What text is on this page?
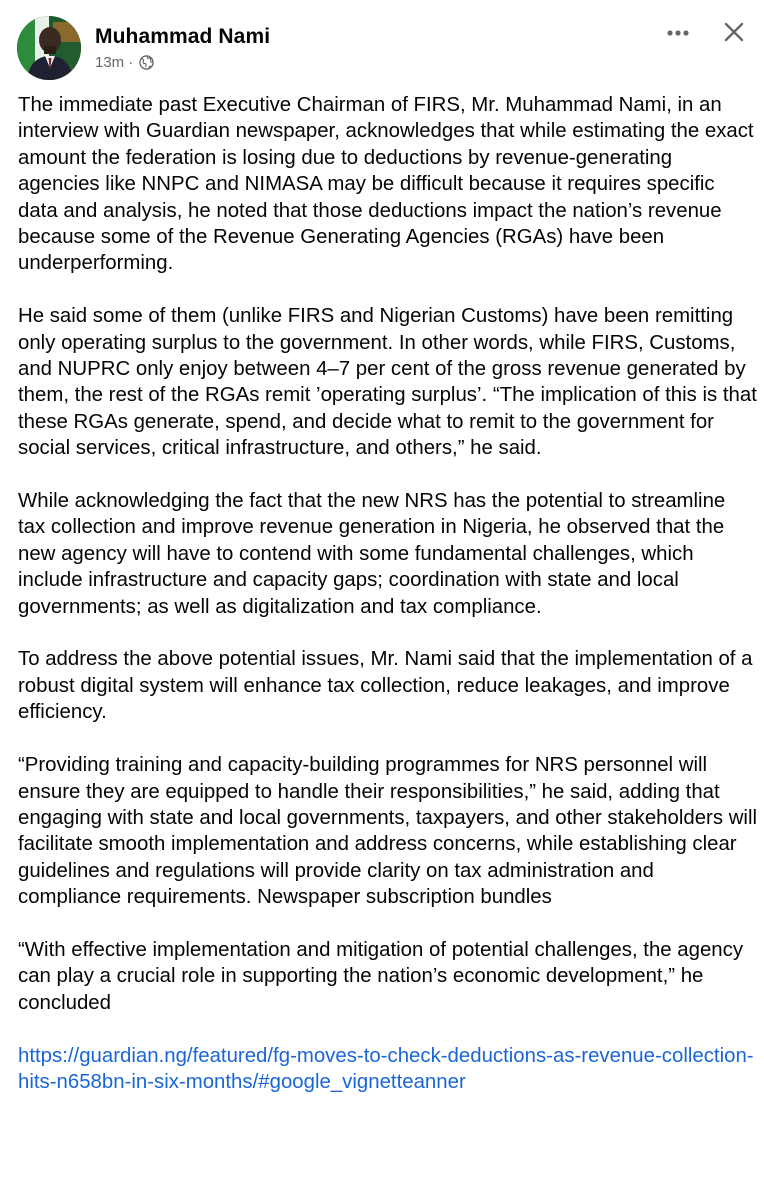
Muhammad Nami
13m ·

The immediate past Executive Chairman of FIRS, Mr. Muhammad Nami, in an interview with Guardian newspaper, acknowledges that while estimating the exact amount the federation is losing due to deductions by revenue-generating agencies like NNPC and NIMASA may be difficult because it requires specific data and analysis, he noted that those deductions impact the nation’s revenue because some of the Revenue Generating Agencies (RGAs) have been underperforming.

He said some of them (unlike FIRS and Nigerian Customs) have been remitting only operating surplus to the government. In other words, while FIRS, Customs, and NUPRC only enjoy between 4–7 per cent of the gross revenue generated by them, the rest of the RGAs remit ’operating surplus’. “The implication of this is that these RGAs generate, spend, and decide what to remit to the government for social services, critical infrastructure, and others,” he said.

While acknowledging the fact that the new NRS has the potential to streamline tax collection and improve revenue generation in Nigeria, he observed that the new agency will have to contend with some fundamental challenges, which include infrastructure and capacity gaps; coordination with state and local governments; as well as digitalization and tax compliance.

To address the above potential issues, Mr. Nami said that the implementation of a robust digital system will enhance tax collection, reduce leakages, and improve efficiency.

“Providing training and capacity-building programmes for NRS personnel will ensure they are equipped to handle their responsibilities,” he said, adding that engaging with state and local governments, taxpayers, and other stakeholders will facilitate smooth implementation and address concerns, while establishing clear guidelines and regulations will provide clarity on tax administration and compliance requirements. Newspaper subscription bundles

“With effective implementation and mitigation of potential challenges, the agency can play a crucial role in supporting the nation’s economic development,” he concluded

https://guardian.ng/featured/fg-moves-to-check-deductions-as-revenue-collection-hits-n658bn-in-six-months/#google_vignetteanner
